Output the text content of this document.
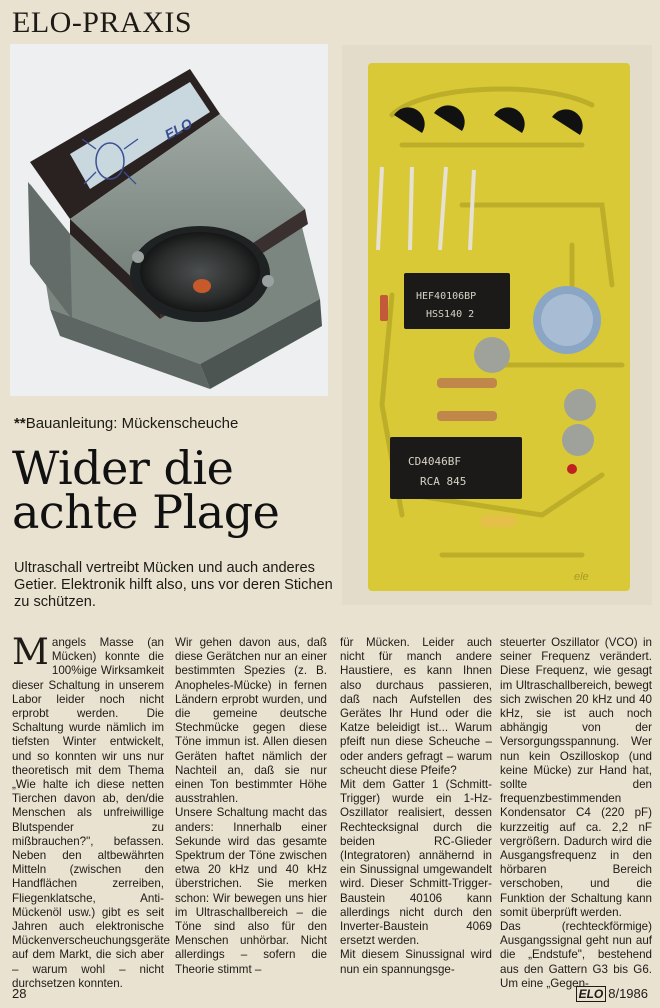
ELO-PRAXIS
ELO
HEF40106BP
HSS140 2
CD4046BF
RCA 845
ele
**Bauanleitung: Mückenscheuche
Wider die
achte Plage
Ultraschall vertreibt Mücken und auch anderes Getier. Elektronik hilft also, uns vor deren Stichen zu schützen.

Mangels Masse (an Mücken) konnte die 100%ige Wirksamkeit dieser Schaltung in unserem Labor leider noch nicht erprobt werden. Die Schaltung wurde nämlich im tiefsten Winter entwickelt, und so konnten wir uns nur theoretisch mit dem Thema „Wie halte ich diese netten Tierchen davon ab, den/die Menschen als unfreiwillige Blutspender zu mißbrauchen?", befassen. Neben den altbewährten Mitteln (zwischen den Handflächen zerreiben, Fliegenklatsche, Anti-Mückenöl usw.) gibt es seit Jahren auch elektronische Mückenverscheuchungsgeräte auf dem Markt, die sich aber – warum wohl – nicht durchsetzen konnten.

Wir gehen davon aus, daß diese Gerätchen nur an einer bestimmten Spezies (z. B. Anopheles-Mücke) in fernen Ländern erprobt wurden, und die gemeine deutsche Stechmücke gegen diese Töne immun ist. Allen diesen Geräten haftet nämlich der Nachteil an, daß sie nur einen Ton bestimmter Höhe ausstrahlen.

Unsere Schaltung macht das anders: Innerhalb einer Sekunde wird das gesamte Spektrum der Töne zwischen etwa 20 kHz und 40 kHz überstrichen. Sie merken schon: Wir bewegen uns hier im Ultraschallbereich – die Töne sind also für den Menschen unhörbar. Nicht allerdings – sofern die Theorie stimmt –

für Mücken. Leider auch nicht für manch andere Haustiere, es kann Ihnen also durchaus passieren, daß nach Aufstellen des Gerätes Ihr Hund oder die Katze beleidigt ist... Warum pfeift nun diese Scheuche – oder anders gefragt – warum scheucht diese Pfeife?

Mit dem Gatter 1 (Schmitt-Trigger) wurde ein 1-Hz-Oszillator realisiert, dessen Rechtecksignal durch die beiden RC-Glieder (Integratoren) annähernd in ein Sinussignal umgewandelt wird. Dieser Schmitt-Trigger-Baustein 40106 kann allerdings nicht durch den Inverter-Baustein 4069 ersetzt werden.

Mit diesem Sinussignal wird nun ein spannungsge-

steuerter Oszillator (VCO) in seiner Frequenz verändert. Diese Frequenz, wie gesagt im Ultraschallbereich, bewegt sich zwischen 20 kHz und 40 kHz, sie ist auch noch abhängig von der Versorgungsspannung. Wer nun kein Oszilloskop (und keine Mücke) zur Hand hat, sollte den frequenzbestimmenden Kondensator C4 (220 pF) kurzzeitig auf ca. 2,2 nF vergrößern. Dadurch wird die Ausgangsfrequenz in den hörbaren Bereich verschoben, und die Funktion der Schaltung kann somit überprüft werden.

Das (rechteckförmige) Ausgangssignal geht nun auf die „Endstufe", bestehend aus den Gattern G3 bis G6. Um eine „Gegen-

28	ELO 8/1986
